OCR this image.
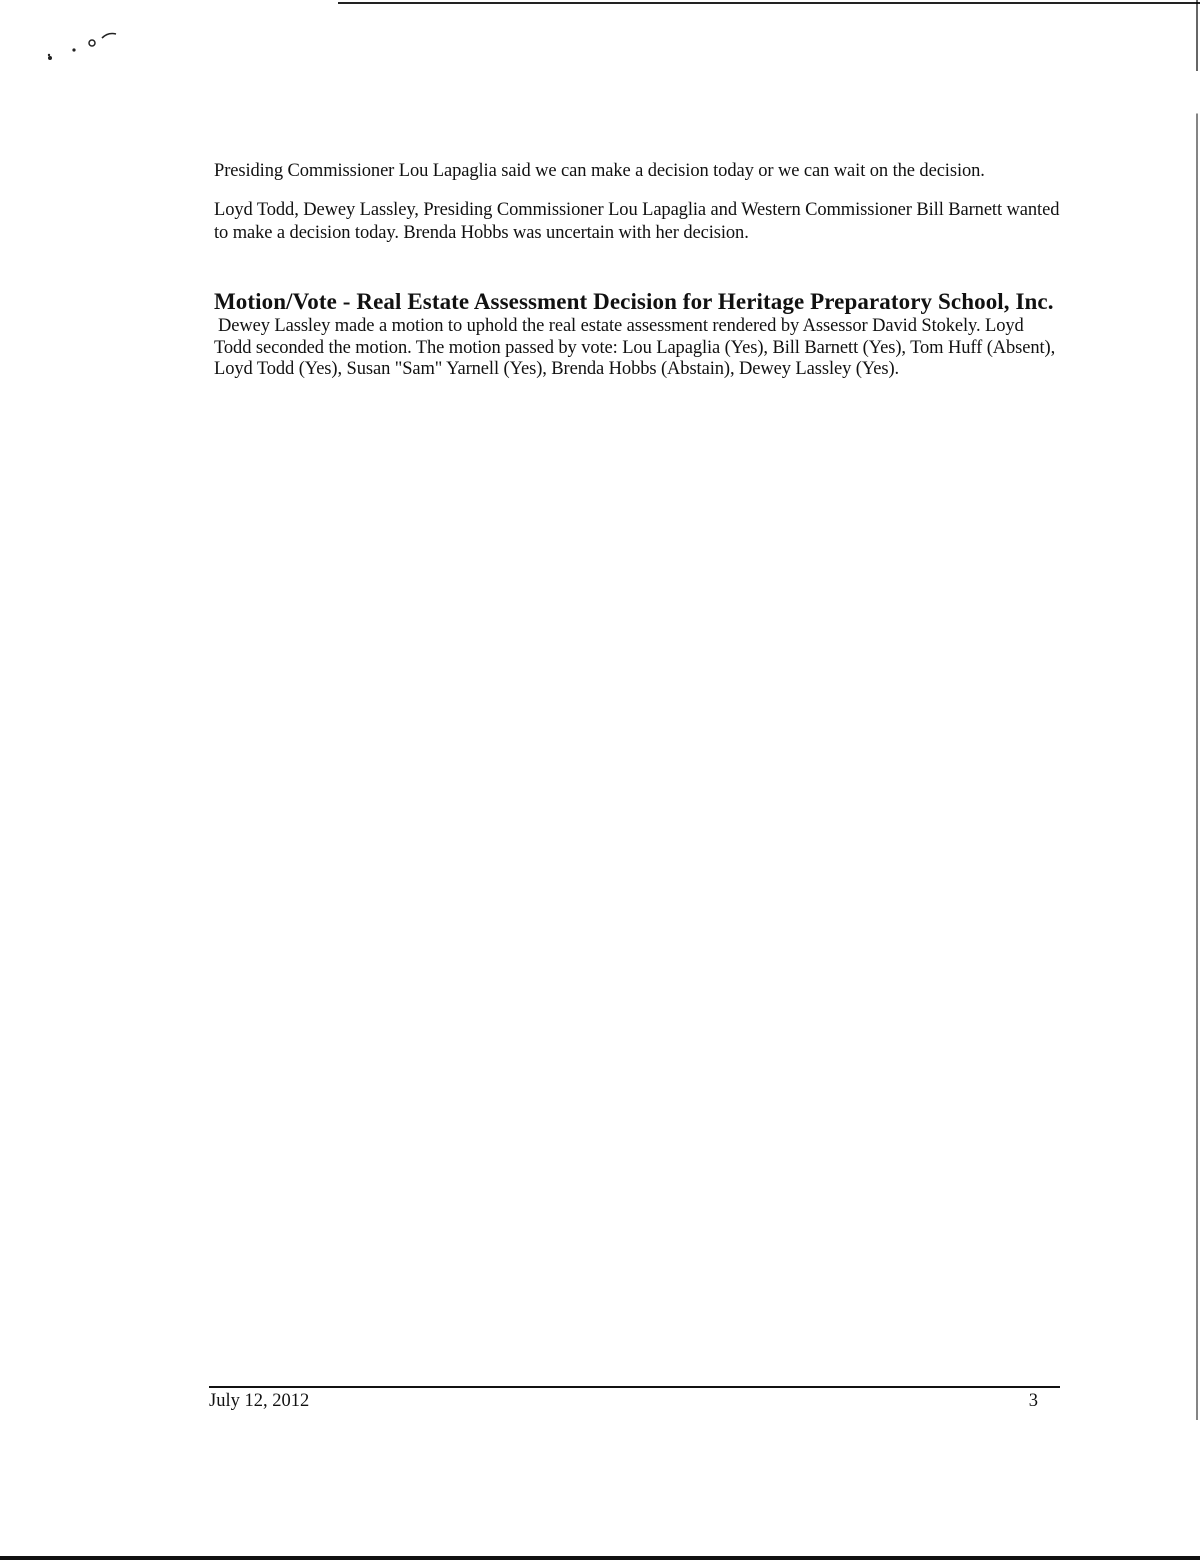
Presiding Commissioner Lou Lapaglia said we can make a decision today or we can wait on the decision.

Loyd Todd, Dewey Lassley, Presiding Commissioner Lou Lapaglia and Western Commissioner Bill Barnett wanted to make a decision today. Brenda Hobbs was uncertain with her decision.

Motion/Vote - Real Estate Assessment Decision for Heritage Preparatory School, Inc.

Dewey Lassley made a motion to uphold the real estate assessment rendered by Assessor David Stokely. Loyd Todd seconded the motion. The motion passed by vote: Lou Lapaglia (Yes), Bill Barnett (Yes), Tom Huff (Absent), Loyd Todd (Yes), Susan "Sam" Yarnell (Yes), Brenda Hobbs (Abstain), Dewey Lassley (Yes).

July 12, 2012	3
